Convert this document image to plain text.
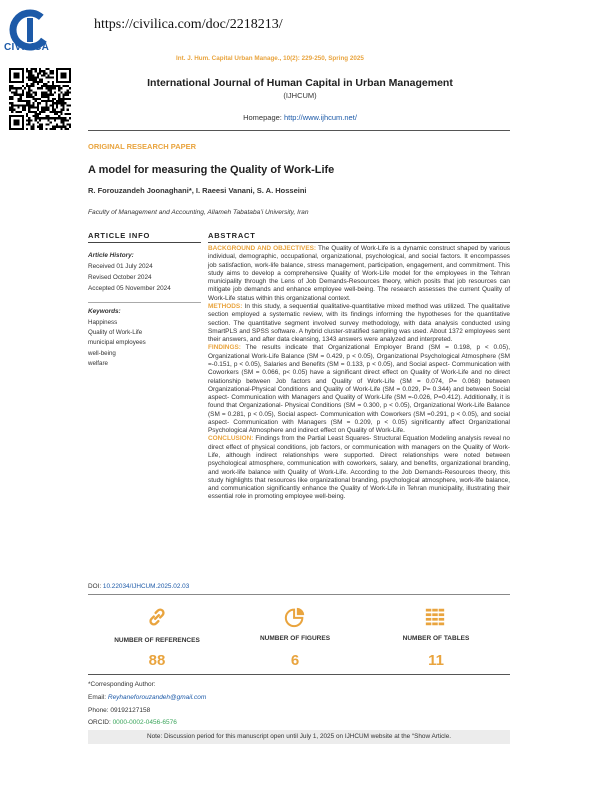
CIVILICA
https://civilica.com/doc/2218213/
Int. J. Hum. Capital Urban Manage., 10(2): 229-250, Spring 2025
International Journal of Human Capital in Urban Management
(IJHCUM)
Homepage: http://www.ijhcum.net/
ORIGINAL RESEARCH PAPER
A model for measuring the Quality of Work-Life
R. Forouzandeh Joonaghani*, I. Raeesi Vanani, S. A. Hosseini
Faculty of Management and Accounting, Allameh Tabataba’i University, Iran
ARTICLE INFO
Article History:
Received 01 July 2024
Revised October 2024
Accepted 05 November 2024
Keywords:
Happiness
Quality of Work-Life
municipal employees
well-being
welfare
DOI: 10.22034/IJHCUM.2025.02.03
ABSTRACT

BACKGROUND AND OBJECTIVES: The Quality of Work-Life is a dynamic construct shaped by various individual, demographic, occupational, organizational, psychological, and social factors. It encompasses job satisfaction, work-life balance, stress management, participation, engagement, and commitment. This study aims to develop a comprehensive Quality of Work-Life model for the employees in the Tehran municipality through the Lens of Job Demands-Resources theory, which posits that job resources can mitigate job demands and enhance employee well-being. The research assesses the current Quality of Work-Life status within this organizational context.

METHODS: In this study, a sequential qualitative-quantitative mixed method was utilized. The qualitative section employed a systematic review, with its findings informing the hypotheses for the quantitative section. The quantitative segment involved survey methodology, with data analysis conducted using SmartPLS and SPSS software. A hybrid cluster-stratified sampling was used. About 1372 employees sent their answers, and after data cleansing, 1343 answers were analyzed and interpreted.

FINDINGS: The results indicate that Organizational Employer Brand (SM = 0.198, p < 0.05), Organizational Work-Life Balance (SM = 0.429, p < 0.05), Organizational Psychological Atmosphere (SM =-0.151, p < 0.05), Salaries and Benefits (SM = 0.133, p < 0.05), and Social aspect- Communication with Coworkers (SM = 0.066, p< 0.05) have a significant direct effect on Quality of Work-Life and no direct relationship between Job factors and Quality of Work-Life (SM = 0.074, P= 0.068) between Organizational-Physical Conditions and Quality of Work-Life (SM = 0.029, P= 0.344) and between Social aspect- Communication with Managers and Quality of Work-Life (SM =-0.026, P=0.412). Additionally, it is found that Organizational- Physical Conditions (SM = 0.300, p < 0.05), Organizational Work-Life Balance (SM = 0.281, p < 0.05), Social aspect- Communication with Coworkers (SM =0.291, p < 0.05), and social aspect- Communication with Managers (SM = 0.209, p < 0.05) significantly affect Organizational Psychological Atmosphere and indirect effect on Quality of Work-Life.

CONCLUSION: Findings from the Partial Least Squares- Structural Equation Modeling analysis reveal no direct effect of physical conditions, job factors, or communication with managers on the Quality of Work-Life, although indirect relationships were supported. Direct relationships were noted between psychological atmosphere, communication with coworkers, salary, and benefits, organizational branding, and work-life balance with Quality of Work-Life. According to the Job Demands-Resources theory, this study highlights that resources like organizational branding, psychological atmosphere, work-life balance, and communication significantly enhance the Quality of Work-Life in Tehran municipality, illustrating their essential role in promoting employee well-being.

NUMBER OF REFERENCES	NUMBER OF FIGURES	NUMBER OF TABLES
88	6	11
*Corresponding Author:
Email: Reyhaneforouzandeh@gmail.com
Phone: 09192127158
ORCID: 0000-0002-0456-6576
Note: Discussion period for this manuscript open until July 1, 2025 on IJHCUM website at the “Show Article.
